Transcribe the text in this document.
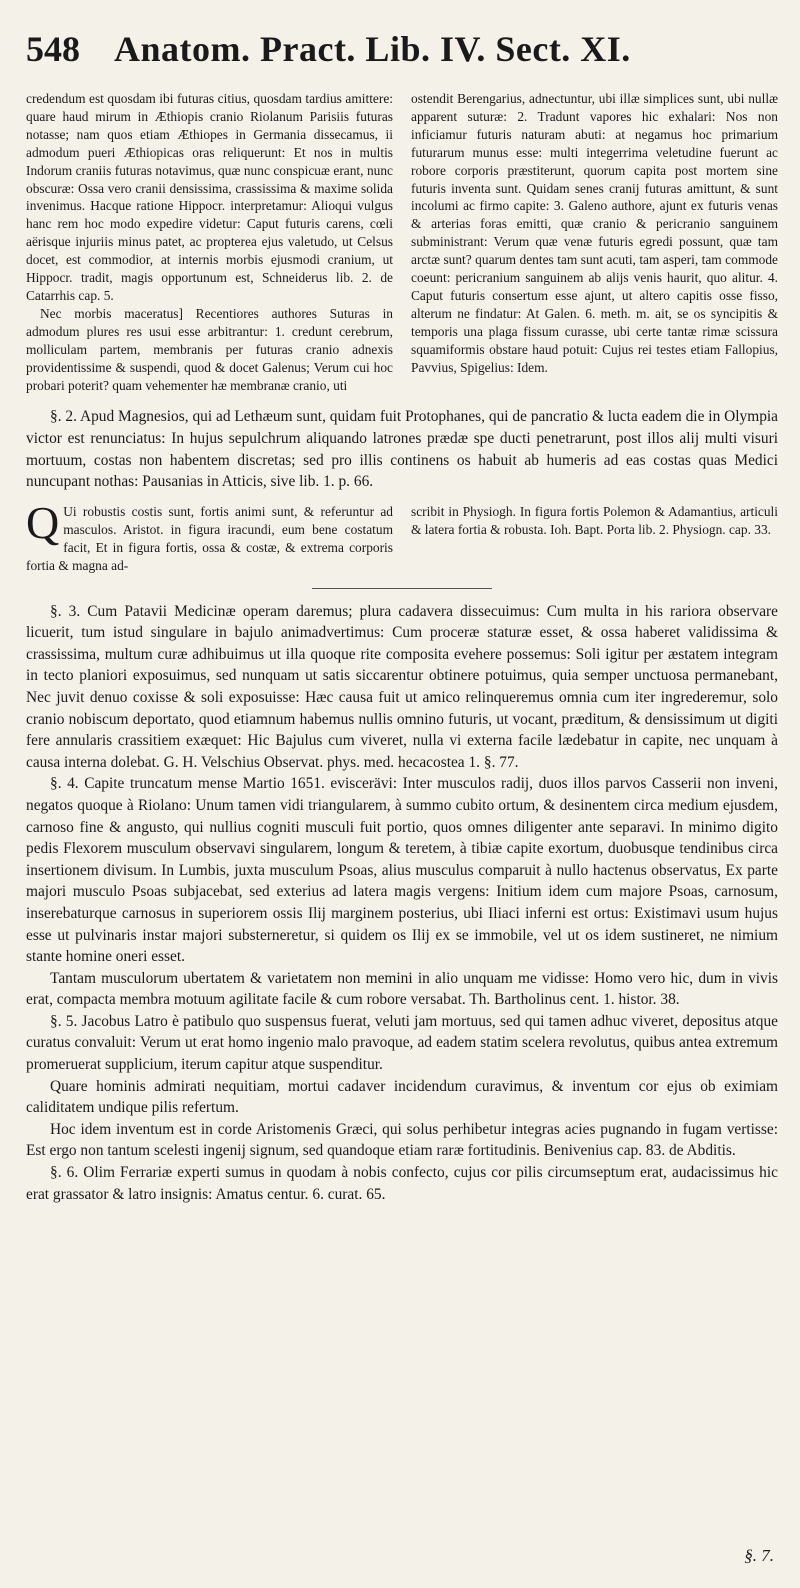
548 Anatom. Pract. Lib. IV. Sect. XI.

credendum est quosdam ibi futuras citius, quosdam tardius amittere: quare haud mirum in Æthiopis cranio Riolanum Parisiis futuras notasse; nam quos etiam Æthiopes in Germania dissecamus, ii admodum pueri Æthiopicas oras reliquerunt: Et nos in multis Indorum craniis futuras notavimus, quæ nunc conspicuæ erant, nunc obscuræ: Ossa vero cranii densissima, crassissima & maxime solida invenimus. Hacque ratione Hippocr. interpretamur: Alioqui vulgus hanc rem hoc modo expedire videtur: Caput futuris carens, cœli aërisque injuriis minus patet, ac propterea ejus valetudo, ut Celsus docet, est commodior, at internis morbis ejusmodi cranium, ut Hippocr. tradit, magis opportunum est, Schneiderus lib. 2. de Catarrhis cap. 5.

Nec morbis maceratus] Recentiores authores Suturas in admodum plures res usui esse arbitrantur: 1. credunt cerebrum, molliculam partem, membranis per futuras cranio adnexis providentissime & suspendi, quod & docet Galenus; Verum cui hoc probari poterit? quam vehementer hæ membranæ cranio, uti

ostendit Berengarius, adnectuntur, ubi illæ simplices sunt, ubi nullæ apparent suturæ: 2. Tradunt vapores hic exhalari: Nos non inficiamur futuris naturam abuti: at negamus hoc primarium futurarum munus esse: multi integerrima veletudine fuerunt ac robore corporis præstiterunt, quorum capita post mortem sine futuris inventa sunt. Quidam senes cranij futuras amittunt, & sunt incolumi ac firmo capite: 3. Galeno authore, ajunt ex futuris venas & arterias foras emitti, quæ cranio & pericranio sanguinem subministrant: Verum quæ venæ futuris egredi possunt, quæ tam arctæ sunt? quarum dentes tam sunt acuti, tam asperi, tam commode coeunt: pericranium sanguinem ab alijs venis haurit, quo alitur. 4. Caput futuris consertum esse ajunt, ut altero capitis osse fisso, alterum ne findatur: At Galen. 6. meth. m. ait, se os syncipitis & temporis una plaga fissum curasse, ubi certe tantæ rimæ scissura squamiformis obstare haud potuit: Cujus rei testes etiam Fallopius, Pavvius, Spigelius: Idem.

§. 2. Apud Magnesios, qui ad Lethæum sunt, quidam fuit Protophanes, qui de pancratio & lucta eadem die in Olympia victor est renunciatus: In hujus sepulchrum aliquando latrones prædæ spe ducti penetrarunt, post illos alij multi visuri mortuum, costas non habentem discretas; sed pro illis continens os habuit ab humeris ad eas costas quas Medici nuncupant nothas: Pausanias in Atticis, sive lib. 1. p. 66.

Q Ui robustis costis sunt, fortis animi sunt, & referuntur ad masculos. Aristot. in figura iracundi, eum bene costatum facit, Et in figura fortis, ossa & costæ, & extrema corporis fortia & magna ad-

scribit in Physiogh. In figura fortis Polemon & Adamantius, articuli & latera fortia & robusta. Ioh. Bapt. Porta lib. 2. Physiogn. cap. 33.

§. 3. Cum Patavii Medicinæ operam daremus; plura cadavera dissecuimus: Cum multa in his rariora observare licuerit, tum istud singulare in bajulo animadvertimus: Cum proceræ staturæ esset, & ossa haberet validissima & crassissima, multum curæ adhibuimus ut illa quoque rite composita evehere possemus: Soli igitur per æstatem integram in tecto planiori exposuimus, sed nunquam ut satis siccarentur obtinere potuimus, quia semper unctuosa permanebant, Nec juvit denuo coxisse & soli exposuisse: Hæc causa fuit ut amico relinqueremus omnia cum iter ingrederemur, solo cranio nobiscum deportato, quod etiamnum habemus nullis omnino futuris, ut vocant, præditum, & densissimum ut digiti fere annularis crassitiem exæquet: Hic Bajulus cum viveret, nulla vi externa facile lædebatur in capite, nec unquam à causa interna dolebat. G. H. Velschius Observat. phys. med. hecacostea 1. §. 77.

§. 4. Capite truncatum mense Martio 1651. eviscerävi: Inter musculos radij, duos illos parvos Casserii non inveni, negatos quoque à Riolano: Unum tamen vidi triangularem, à summo cubito ortum, & desinentem circa medium ejusdem, carnoso fine & angusto, qui nullius cogniti musculi fuit portio, quos omnes diligenter ante separavi. In minimo digito pedis Flexorem musculum observavi singularem, longum & teretem, à tibiæ capite exortum, duobusque tendinibus circa insertionem divisum. In Lumbis, juxta musculum Psoas, alius musculus comparuit à nullo hactenus observatus, Ex parte majori musculo Psoas subjacebat, sed exterius ad latera magis vergens: Initium idem cum majore Psoas, carnosum, inserebaturque carnosus in superiorem ossis Ilij marginem posterius, ubi Iliaci inferni est ortus: Existimavi usum hujus esse ut pulvinaris instar majori substerneretur, si quidem os Ilij ex se immobile, vel ut os idem sustineret, ne nimium stante homine oneri esset.

Tantam musculorum ubertatem & varietatem non memini in alio unquam me vidisse: Homo vero hic, dum in vivis erat, compacta membra motuum agilitate facile & cum robore versabat. Th. Bartholinus cent. 1. histor. 38.

§. 5. Jacobus Latro è patibulo quo suspensus fuerat, veluti jam mortuus, sed qui tamen adhuc viveret, depositus atque curatus convaluit: Verum ut erat homo ingenio malo pravoque, ad eadem statim scelera revolutus, quibus antea extremum promeruerat supplicium, iterum capitur atque suspenditur.

Quare hominis admirati nequitiam, mortui cadaver incidendum curavimus, & inventum cor ejus ob eximiam caliditatem undique pilis refertum.

Hoc idem inventum est in corde Aristomenis Græci, qui solus perhibetur integras acies pugnando in fugam vertisse: Est ergo non tantum scelesti ingenij signum, sed quandoque etiam raræ fortitudinis. Benivenius cap. 83. de Abditis.

§. 6. Olim Ferrariæ experti sumus in quodam à nobis confecto, cujus cor pilis circumseptum erat, audacissimus hic erat grassator & latro insignis: Amatus centur. 6. curat. 65.

§. 7.
